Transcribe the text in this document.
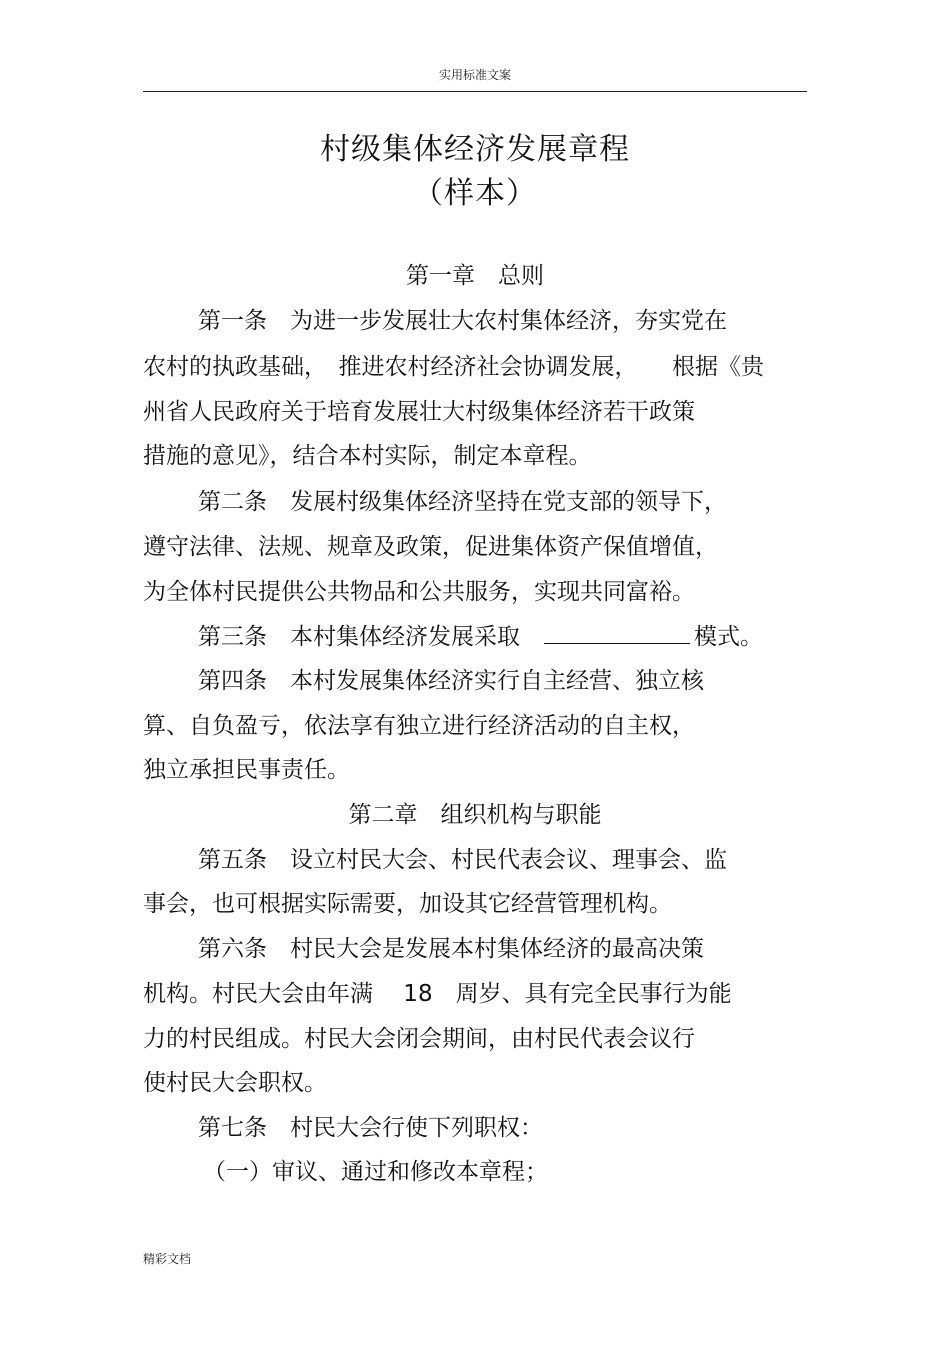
实用标准文案
村级集体经济发展章程
（样本）
第一章　总则
第一条　为进一步发展壮大农村集体经济，夯实党在
农村的执政基础，　推进农村经济社会协调发展，　　根据《贵
州省人民政府关于培育发展壮大村级集体经济若干政策
措施的意见》，结合本村实际，制定本章程。
第二条　发展村级集体经济坚持在党支部的领导下，
遵守法律、法规、规章及政策，促进集体资产保值增值，
为全体村民提供公共物品和公共服务，实现共同富裕。
第三条　本村集体经济发展采取	模式。
第四条　本村发展集体经济实行自主经营、独立核
算、自负盈亏，依法享有独立进行经济活动的自主权，
独立承担民事责任。
第二章　组织机构与职能
第五条　设立村民大会、村民代表会议、理事会、监
事会，也可根据实际需要，加设其它经营管理机构。
第六条　村民大会是发展本村集体经济的最高决策
机构。村民大会由年满　 18　周岁、具有完全民事行为能
力的村民组成。村民大会闭会期间，由村民代表会议行
使村民大会职权。
第七条　村民大会行使下列职权：
（一）审议、通过和修改本章程；
精彩文档
